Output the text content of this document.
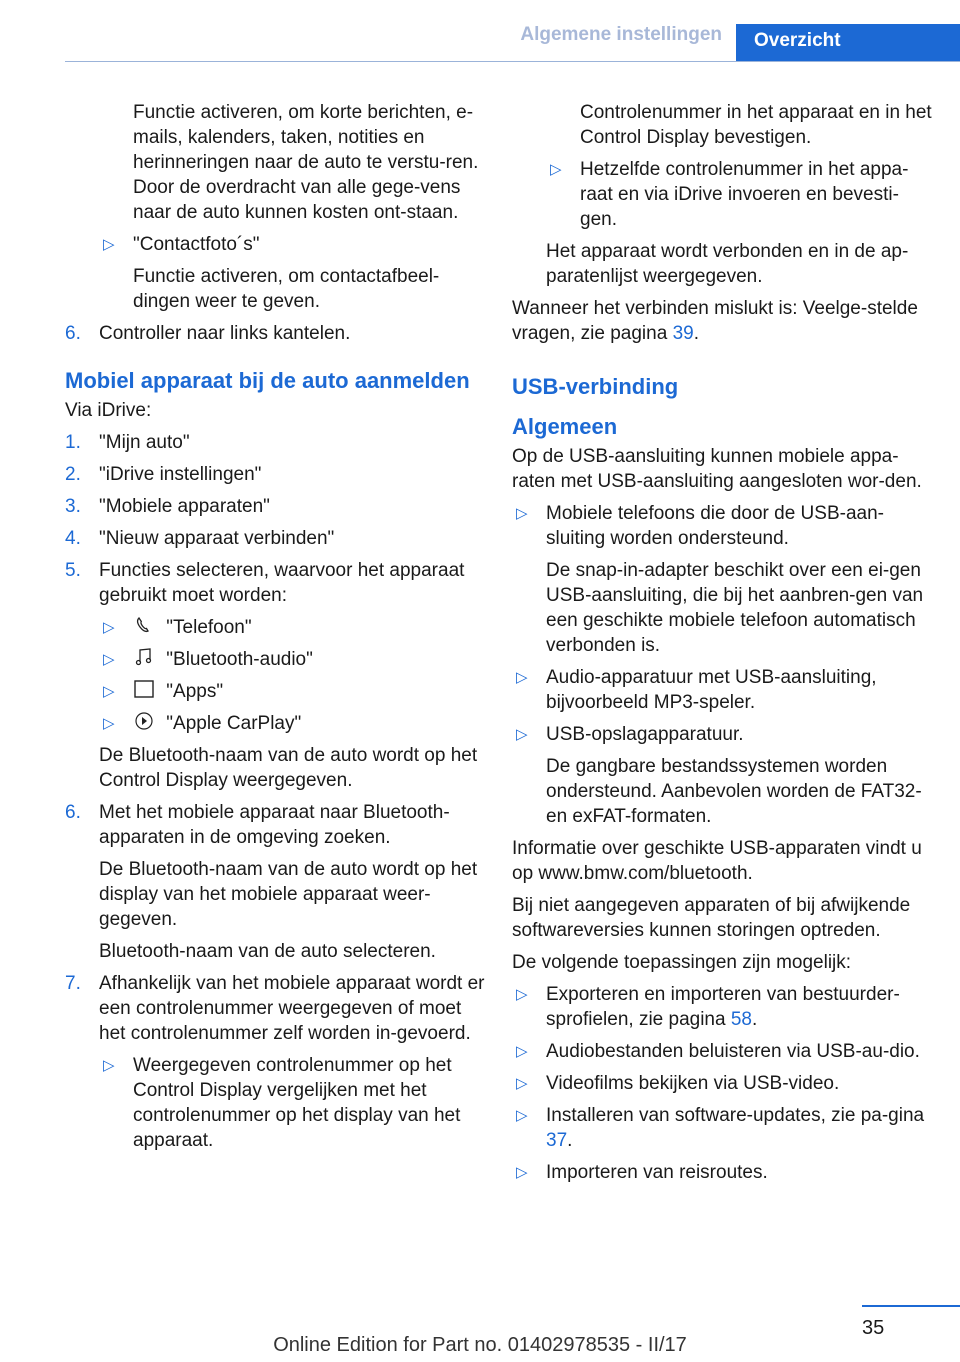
Algemene instellingen	Overzicht

Functie activeren, om korte berichten, e-mails, kalenders, taken, notities en herinneringen naar de auto te verstu-ren. Door de overdracht van alle gege-vens naar de auto kunnen kosten ont-staan.

▷ "Contactfoto´s"

Functie activeren, om contactafbeel-dingen weer te geven.

6. Controller naar links kantelen.
Mobiel apparaat bij de auto aanmelden

Via iDrive:

1. "Mijn auto"
2. "iDrive instellingen"
3. "Mobiele apparaten"
4. "Nieuw apparaat verbinden"
5. Functies selecteren, waarvoor het apparaat gebruikt moet worden:
▷	"Telefoon"
▷	"Bluetooth-audio"
▷	"Apps"
▷	"Apple CarPlay"

De Bluetooth-naam van de auto wordt op het Control Display weergegeven.

6. Met het mobiele apparaat naar Bluetooth-apparaten in de omgeving zoeken.

De Bluetooth-naam van de auto wordt op het display van het mobiele apparaat weer-gegeven.

Bluetooth-naam van de auto selecteren.

7. Afhankelijk van het mobiele apparaat wordt er een controlenummer weergegeven of moet het controlenummer zelf worden in-gevoerd.
▷ Weergegeven controlenummer op het Control Display vergelijken met het controlenummer op het display van het apparaat.

Controlenummer in het apparaat en in het Control Display bevestigen.

▷ Hetzelfde controlenummer in het appa-raat en via iDrive invoeren en bevesti-gen.

Het apparaat wordt verbonden en in de ap-paratenlijst weergegeven.

Wanneer het verbinden mislukt is: Veelge-stelde vragen, zie pagina 39.

USB-verbinding
Algemeen

Op de USB-aansluiting kunnen mobiele appa-raten met USB-aansluiting aangesloten wor-den.

▷ Mobiele telefoons die door de USB-aan-sluiting worden ondersteund.

De snap-in-adapter beschikt over een ei-gen USB-aansluiting, die bij het aanbren-gen van een geschikte mobiele telefoon automatisch verbonden is.

▷ Audio-apparatuur met USB-aansluiting, bijvoorbeeld MP3-speler.
▷ USB-opslagapparatuur.

De gangbare bestandssystemen worden ondersteund. Aanbevolen worden de FAT32- en exFAT-formaten.

Informatie over geschikte USB-apparaten vindt u op www.bmw.com/bluetooth.

Bij niet aangegeven apparaten of bij afwijkende softwareversies kunnen storingen optreden.

De volgende toepassingen zijn mogelijk:

▷ Exporteren en importeren van bestuurder-sprofielen, zie pagina 58.
▷ Audiobestanden beluisteren via USB-au-dio.
▷ Videofilms bekijken via USB-video.
▷ Installeren van software-updates, zie pa-gina 37.
▷ Importeren van reisroutes.
35
Online Edition for Part no. 01402978535 - II/17
